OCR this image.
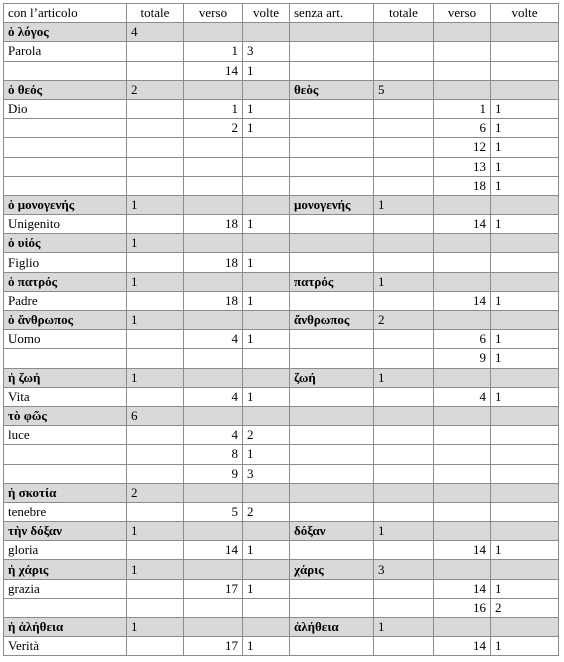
con l’articolo	totale	verso	volte	senza art.	totale	verso	volte
ὁ λόγος	4						
Parola		1	3				
		14	1				
ὁ θεός	2			θεὸς	5		
Dio		1	1			1	1
		2	1			6	1
						12	1
						13	1
						18	1
ὁ μονογενής	1			μονογενής	1		
Unigenito		18	1			14	1
ὁ υἱός	1						
Figlio		18	1				
ὁ πατρός	1			πατρός	1		
Padre		18	1			14	1
ὁ ἄνθρωπος	1			ἄνθρωπος	2		
Uomo		4	1			6	1
						9	1
ἡ ζωή	1			ζωή	1		
Vita		4	1			4	1
τὸ φῶς	6						
luce		4	2				
		8	1				
		9	3				
ἡ σκοτία	2						
tenebre		5	2				
τὴν δόξαν	1			δόξαν	1		
gloria		14	1			14	1
ἡ χάρις	1			χάρις	3		
grazia		17	1			14	1
						16	2
ἡ ἀλήθεια	1			ἀλήθεια	1		
Verità		17	1			14	1
